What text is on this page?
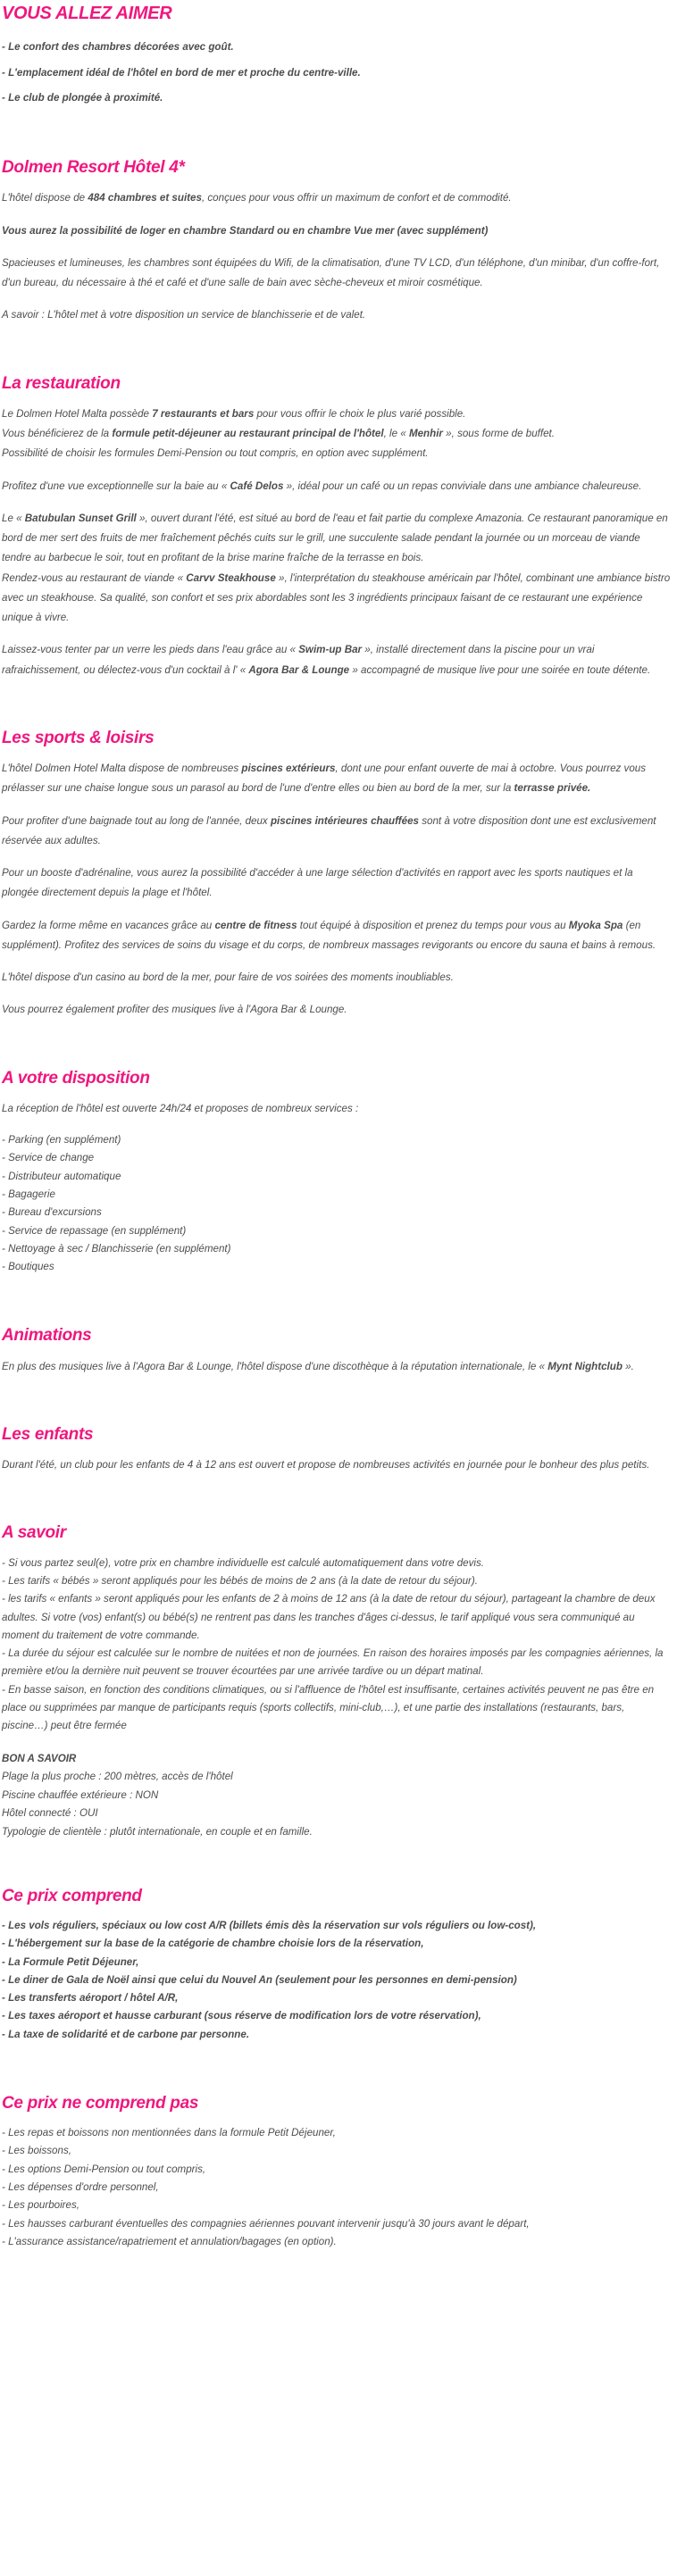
VOUS ALLEZ AIMER
- Le confort des chambres décorées avec goût.
- L'emplacement idéal de l'hôtel en bord de mer et proche du centre-ville.
- Le club de plongée à proximité.
Dolmen Resort Hôtel 4*

L'hôtel dispose de 484 chambres et suites, conçues pour vous offrir un maximum de confort et de commodité.

Vous aurez la possibilité de loger en chambre Standard ou en chambre Vue mer (avec supplément)

Spacieuses et lumineuses, les chambres sont équipées du Wifi, de la climatisation, d'une TV LCD, d'un téléphone, d'un minibar, d'un coffre-fort, d'un bureau, du nécessaire à thé et café et d'une salle de bain avec sèche-cheveux et miroir cosmétique.

A savoir : L'hôtel met à votre disposition un service de blanchisserie et de valet.

La restauration

Le Dolmen Hotel Malta possède 7 restaurants et bars pour vous offrir le choix le plus varié possible.

Vous bénéficierez de la formule petit-déjeuner au restaurant principal de l'hôtel, le « Menhir », sous forme de buffet.

Possibilité de choisir les formules Demi-Pension ou tout compris, en option avec supplément.

Profitez d'une vue exceptionnelle sur la baie au « Café Delos », idéal pour un café ou un repas conviviale dans une ambiance chaleureuse.

Le « Batubulan Sunset Grill », ouvert durant l'été, est situé au bord de l'eau et fait partie du complexe Amazonia. Ce restaurant panoramique en bord de mer sert des fruits de mer fraîchement pêchés cuits sur le grill, une succulente salade pendant la journée ou un morceau de viande tendre au barbecue le soir, tout en profitant de la brise marine fraîche de la terrasse en bois.

Rendez-vous au restaurant de viande « Carvv Steakhouse », l'interprétation du steakhouse américain par l'hôtel, combinant une ambiance bistro avec un steakhouse. Sa qualité, son confort et ses prix abordables sont les 3 ingrédients principaux faisant de ce restaurant une expérience unique à vivre.

Laissez-vous tenter par un verre les pieds dans l'eau grâce au « Swim-up Bar », installé directement dans la piscine pour un vrai rafraichissement, ou délectez-vous d'un cocktail à l' « Agora Bar & Lounge » accompagné de musique live pour une soirée en toute détente.

Les sports & loisirs

L'hôtel Dolmen Hotel Malta dispose de nombreuses piscines extérieurs, dont une pour enfant ouverte de mai à octobre. Vous pourrez vous prélasser sur une chaise longue sous un parasol au bord de l'une d'entre elles ou bien au bord de la mer, sur la terrasse privée.

Pour profiter d'une baignade tout au long de l'année, deux piscines intérieures chauffées sont à votre disposition dont une est exclusivement réservée aux adultes.

Pour un booste d'adrénaline, vous aurez la possibilité d'accéder à une large sélection d'activités en rapport avec les sports nautiques et la plongée directement depuis la plage et l'hôtel.

Gardez la forme même en vacances grâce au centre de fitness tout équipé à disposition et prenez du temps pour vous au Myoka Spa (en supplément). Profitez des services de soins du visage et du corps, de nombreux massages revigorants ou encore du sauna et bains à remous.

L'hôtel dispose d'un casino au bord de la mer, pour faire de vos soirées des moments inoubliables.

Vous pourrez également profiter des musiques live à l'Agora Bar & Lounge.

A votre disposition

La réception de l'hôtel est ouverte 24h/24 et proposes de nombreux services :

- Parking (en supplément)
- Service de change
- Distributeur automatique
- Bagagerie
- Bureau d'excursions
- Service de repassage (en supplément)
- Nettoyage à sec / Blanchisserie (en supplément)
- Boutiques
Animations

En plus des musiques live à l'Agora Bar & Lounge, l'hôtel dispose d'une discothèque à la réputation internationale, le « Mynt Nightclub ».

Les enfants

Durant l'été, un club pour les enfants de 4 à 12 ans est ouvert et propose de nombreuses activités en journée pour le bonheur des plus petits.

A savoir
- Si vous partez seul(e), votre prix en chambre individuelle est calculé automatiquement dans votre devis.
- Les tarifs « bébés » seront appliqués pour les bébés de moins de 2 ans (à la date de retour du séjour).
- les tarifs « enfants » seront appliqués pour les enfants de 2 à moins de 12 ans (à la date de retour du séjour), partageant la chambre de deux adultes. Si votre (vos) enfant(s) ou bébé(s) ne rentrent pas dans les tranches d'âges ci-dessus, le tarif appliqué vous sera communiqué au moment du traitement de votre commande.
- La durée du séjour est calculée sur le nombre de nuitées et non de journées. En raison des horaires imposés par les compagnies aériennes, la première et/ou la dernière nuit peuvent se trouver écourtées par une arrivée tardive ou un départ matinal.
- En basse saison, en fonction des conditions climatiques, ou si l'affluence de l'hôtel est insuffisante, certaines activités peuvent ne pas être en place ou supprimées par manque de participants requis (sports collectifs, mini-club,…), et une partie des installations (restaurants, bars, piscine…) peut être fermée

BON A SAVOIR

Plage la plus proche : 200 mètres, accès de l'hôtel

Piscine chauffée extérieure : NON

Hôtel connecté : OUI

Typologie de clientèle : plutôt internationale, en couple et en famille.

Ce prix comprend
- Les vols réguliers, spéciaux ou low cost A/R (billets émis dès la réservation sur vols réguliers ou low-cost),
- L'hébergement sur la base de la catégorie de chambre choisie lors de la réservation,
- La Formule Petit Déjeuner,
- Le diner de Gala de Noël ainsi que celui du Nouvel An (seulement pour les personnes en demi-pension)
- Les transferts aéroport / hôtel A/R,
- Les taxes aéroport et hausse carburant (sous réserve de modification lors de votre réservation),
- La taxe de solidarité et de carbone par personne.
Ce prix ne comprend pas
- Les repas et boissons non mentionnées dans la formule Petit Déjeuner,
- Les boissons,
- Les options Demi-Pension ou tout compris,
- Les dépenses d'ordre personnel,
- Les pourboires,
- Les hausses carburant éventuelles des compagnies aériennes pouvant intervenir jusqu'à 30 jours avant le départ,
- L'assurance assistance/rapatriement et annulation/bagages (en option).
